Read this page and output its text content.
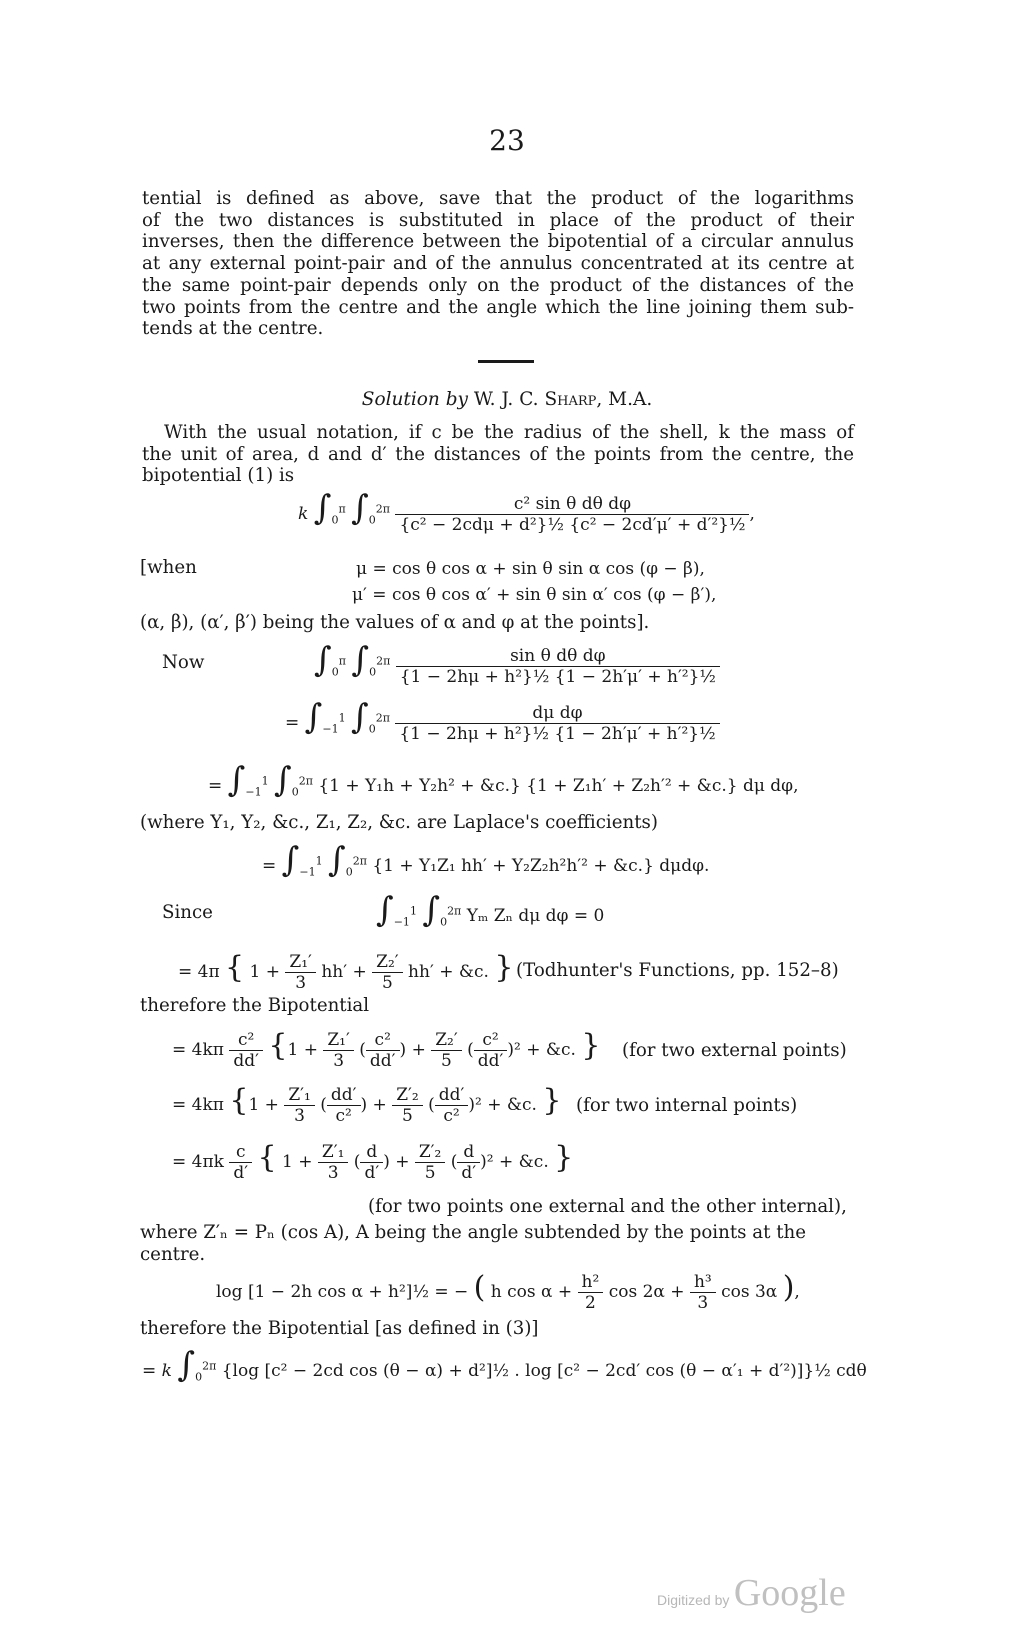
23
tential is defined as above, save that the product of the logarithms
of the two distances is substituted in place of the product of their
inverses, then the difference between the bipotential of a circular annulus
at any external point-pair and of the annulus concentrated at its centre at
the same point-pair depends only on the product of the distances of the
two points from the centre and the angle which the line joining them sub-
tends at the centre.
Solution by W. J. C. Sharp, M.A.
With the usual notation, if c be the radius of the shell, k the mass of
the unit of area, d and d′ the distances of the points from the centre, the
bipotential (1) is
k $\int_0^\pi$ $\int_0^{2\pi} \frac{\text{c² sin θ dθ dφ}}{\text{\{c² − 2cdμ + d²\}½ \{c² − 2cd′μ′ + d′²\}½}}$ ,
[when	μ = cos θ cos α + sin θ sin α cos (φ − β),
μ′ = cos θ cos α′ + sin θ sin α′ cos (φ − β′),
(α, β), (α′, β′) being the values of α and φ at the points].
Now	$\int_0^\pi$ $\int_0^{2\pi} \frac{\text{sin θ dθ dφ}}{\text{\{1 − 2hμ + h²\}½ \{1 − 2h′μ′ + h′²\}½}}$
= $\int_{-1}^1$ $\int_0^{2\pi} \frac{\text{dμ dφ}}{\text{\{1 − 2hμ + h²\}½ \{1 − 2h′μ′ + h′²\}½}}$
= $\int_{-1}^1$ $\int_0^{2\pi}$ {1 + Y₁h + Y₂h² + &c.} {1 + Z₁h′ + Z₂h′² + &c.} dμ dφ,
(where Y₁, Y₂, &c., Z₁, Z₂, &c. are Laplace's coefficients)
= $\int_{-1}^1$ $\int_0^{2\pi}$ {1 + Y₁Z₁ hh′ + Y₂Z₂h²h′² + &c.} dμdφ.
Since	$\int_{-1}^1$ $\int_0^{2\pi}$ Yₘ Zₙ dμ dφ = 0
= 4π { $1 + \frac{\text{Z₁′}}{3} hh' + \frac{\text{Z₂′}}{5} hh'$ + &c. } (Todhunter's Functions, pp. 152–8)
therefore the Bipotential
= $4k\pi \frac{\text{c²}}{dd'} \{1 + \frac{\text{Z₁′}}{3}$ ( $\frac{\text{c²}}{dd'}$ ) + $\frac{\text{Z₂′}}{5}$ ( $\frac{\text{c²}}{dd'} )^2$ + &c. } (for two external points)
= 4kπ {$1 + \frac{\text{Z′₁}}{3}$ ( $\frac{dd'}{\text{c²}}$ ) + $\frac{\text{Z′₂}}{5}$ ( $\frac{dd'}{\text{c²}} )^2$ + &c. } (for two internal points)
= $4\pi k \frac{c}{d'}$ { $1 + \frac{\text{Z′₁}}{3}$ ( $\frac{d}{d'}$ ) + $\frac{\text{Z′₂}}{5}$ ( $\frac{d}{d'} )^2$ + &c. }
(for two points one external and the other internal),
where Z′ₙ = Pₙ (cos A), A being the angle subtended by the points at the
centre.
log [1 − 2h cos α + h²]½ = − ( h $\cos \alpha + \frac{\text{h²}}{2}$ $\cos 2\alpha + \frac{\text{h³}}{3}$ cos 3α ),
therefore the Bipotential [as defined in (3)]
= k $\int_0^{2\pi}$ {log [c² − 2cd cos (θ − α) + d²]½ . log [c² − 2cd′ cos (θ − α′₁ + d′²)]}½ cdθ
Digitized by Google
